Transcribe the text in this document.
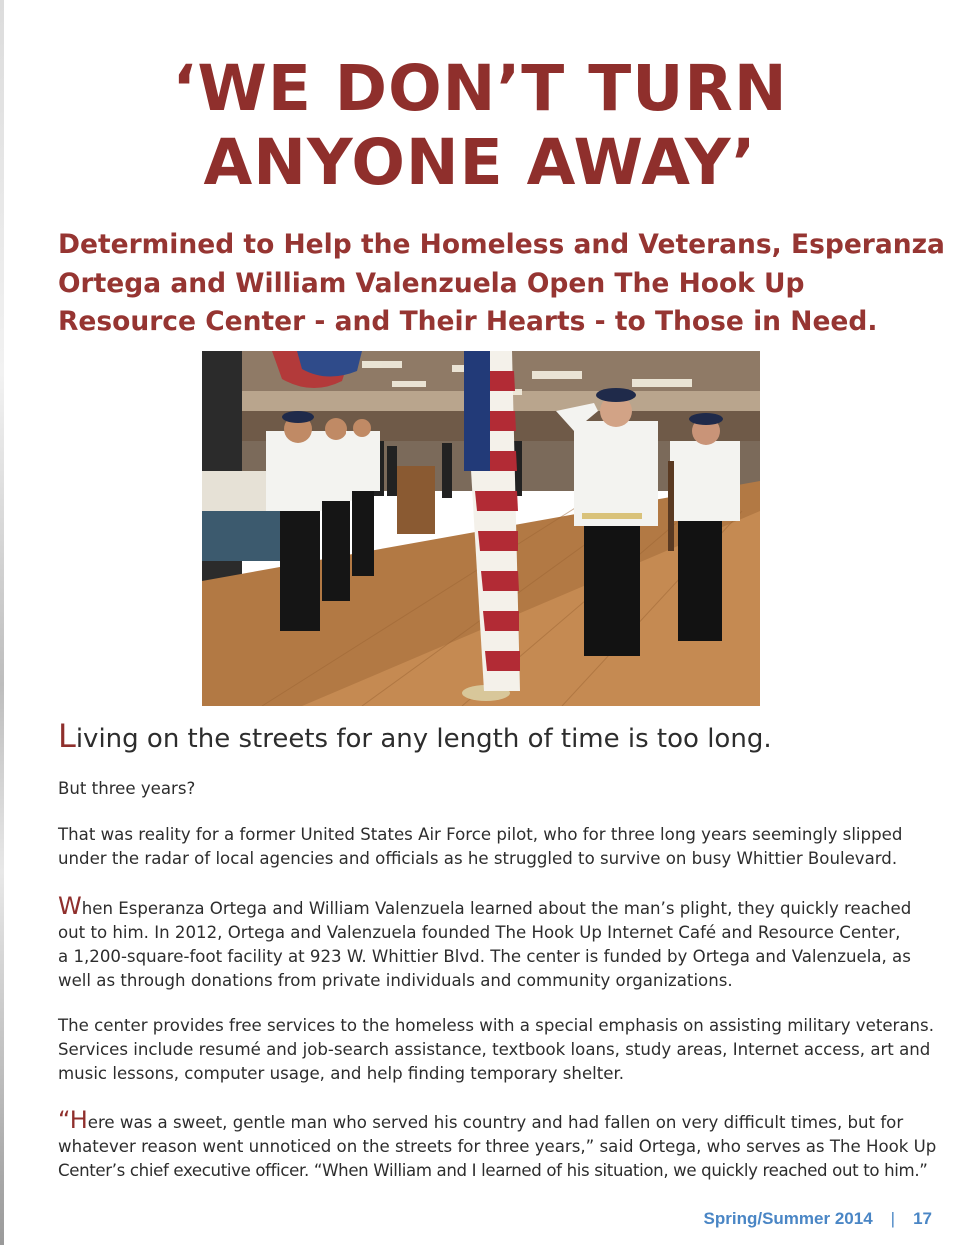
‘WE DON’T TURN
ANYONE AWAY’
Determined to Help the Homeless and Veterans, Esperanza
Ortega and William Valenzuela Open The Hook Up
Resource Center - and Their Hearts - to Those in Need.

Living on the streets for any length of time is too long.

But three years?

That was reality for a former United States Air Force pilot, who for three long years seemingly slipped
under the radar of local agencies and officials as he struggled to survive on busy Whittier Boulevard.

When Esperanza Ortega and William Valenzuela learned about the man’s plight, they quickly reached
out to him. In 2012, Ortega and Valenzuela founded The Hook Up Internet Café and Resource Center,
a 1,200-square-foot facility at 923 W. Whittier Blvd. The center is funded by Ortega and Valenzuela, as
well as through donations from private individuals and community organizations.

The center provides free services to the homeless with a special emphasis on assisting military veterans.
Services include resumé and job-search assistance, textbook loans, study areas, Internet access, art and
music lessons, computer usage, and help finding temporary shelter.

“Here was a sweet, gentle man who served his country and had fallen on very difficult times, but for
whatever reason went unnoticed on the streets for three years,” said Ortega, who serves as The Hook Up
Center’s chief executive officer. “When William and I learned of his situation, we quickly reached out to him.”

Spring/Summer 2014 | 17
